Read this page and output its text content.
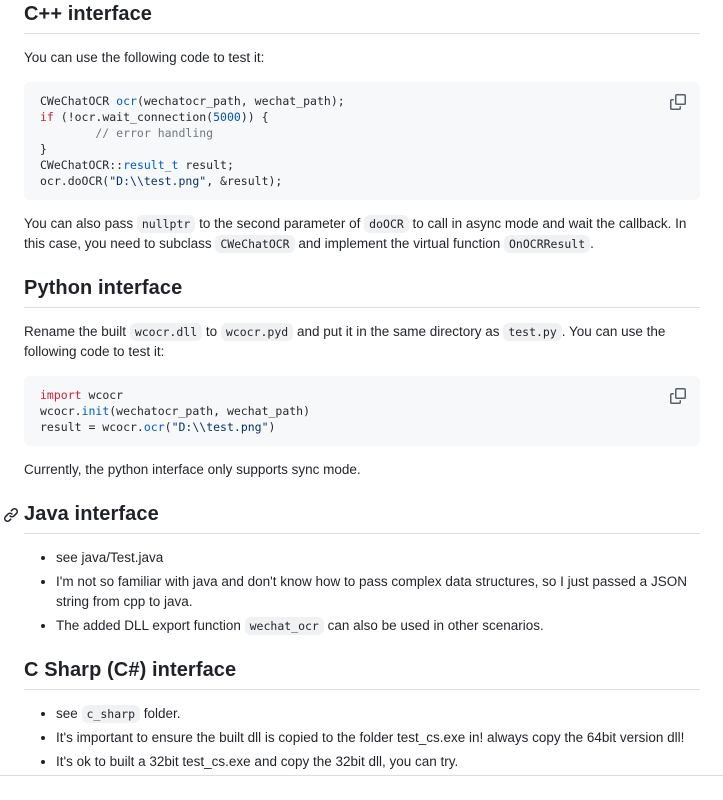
C++ interface

You can use the following code to test it:

CWeChatOCR ocr(wechatocr_path, wechat_path);
if (!ocr.wait_connection(5000)) {
// error handling
}
CWeChatOCR::result_t result;
ocr.doOCR("D:\\test.png", &result);

You can also pass nullptr to the second parameter of doOCR to call in async mode and wait the callback. In this case, you need to subclass CWeChatOCR and implement the virtual function OnOCRResult .

Python interface

Rename the built wcocr.dll to wcocr.pyd and put it in the same directory as test.py . You can use the following code to test it:

import wcocr
wcocr.init(wechatocr_path, wechat_path)
result = wcocr.ocr("D:\\test.png")

Currently, the python interface only supports sync mode.

Java interface
• see java/Test.java
• I'm not so familiar with java and don't know how to pass complex data structures, so I just passed a JSON string from cpp to java.
• The added DLL export function wechat_ocr can also be used in other scenarios.
C Sharp (C#) interface
• see c_sharp folder.
• It's important to ensure the built dll is copied to the folder test_cs.exe in! always copy the 64bit version dll!
• It's ok to built a 32bit test_cs.exe and copy the 32bit dll, you can try.
